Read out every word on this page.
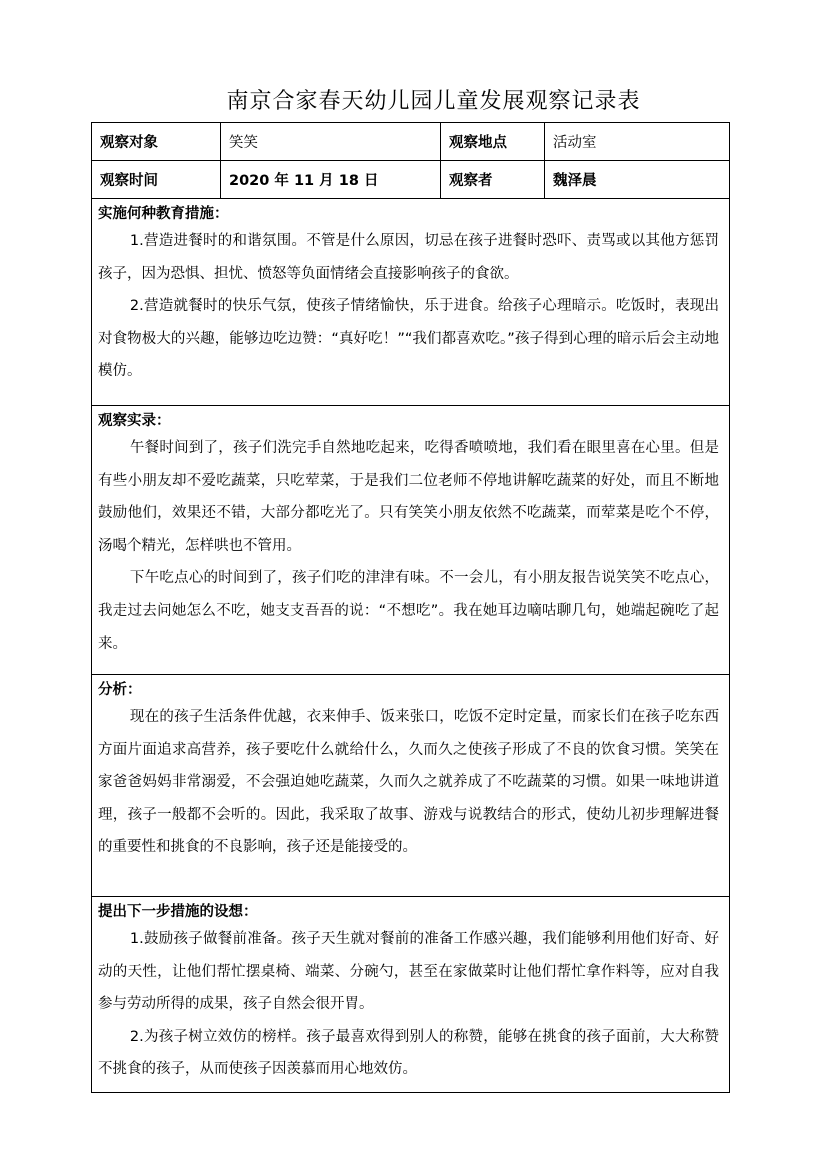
南京合家春天幼儿园儿童发展观察记录表
观察对象	笑笑	观察地点	活动室
观察时间	2020 年 11 月 18 日	观察者	魏泽晨

实施何种教育措施：

1.营造进餐时的和谐氛围。不管是什么原因，切忌在孩子进餐时恐吓、责骂或以其他方惩罚孩子，因为恐惧、担忧、愤怒等负面情绪会直接影响孩子的食欲。

2.营造就餐时的快乐气氛，使孩子情绪愉快，乐于进食。给孩子心理暗示。吃饭时，表现出对食物极大的兴趣，能够边吃边赞：“真好吃！”“我们都喜欢吃。”孩子得到心理的暗示后会主动地模仿。			

观察实录：

午餐时间到了，孩子们洗完手自然地吃起来，吃得香喷喷地，我们看在眼里喜在心里。但是有些小朋友却不爱吃蔬菜，只吃荤菜，于是我们二位老师不停地讲解吃蔬菜的好处，而且不断地鼓励他们，效果还不错，大部分都吃光了。只有笑笑小朋友依然不吃蔬菜，而荤菜是吃个不停，汤喝个精光，怎样哄也不管用。

下午吃点心的时间到了，孩子们吃的津津有味。不一会儿，有小朋友报告说笑笑不吃点心，我走过去问她怎么不吃，她支支吾吾的说：“不想吃”。我在她耳边嘀咕聊几句，她端起碗吃了起来。			

分析：

现在的孩子生活条件优越，衣来伸手、饭来张口，吃饭不定时定量，而家长们在孩子吃东西方面片面追求高营养，孩子要吃什么就给什么，久而久之使孩子形成了不良的饮食习惯。笑笑在家爸爸妈妈非常溺爱，不会强迫她吃蔬菜，久而久之就养成了不吃蔬菜的习惯。如果一味地讲道理，孩子一般都不会听的。因此，我采取了故事、游戏与说教结合的形式，使幼儿初步理解进餐的重要性和挑食的不良影响，孩子还是能接受的。			

提出下一步措施的设想：

1.鼓励孩子做餐前准备。孩子天生就对餐前的准备工作感兴趣，我们能够利用他们好奇、好动的天性，让他们帮忙摆桌椅、端菜、分碗勺，甚至在家做菜时让他们帮忙拿作料等，应对自我参与劳动所得的成果，孩子自然会很开胃。

2.为孩子树立效仿的榜样。孩子最喜欢得到别人的称赞，能够在挑食的孩子面前，大大称赞不挑食的孩子，从而使孩子因羡慕而用心地效仿。			
